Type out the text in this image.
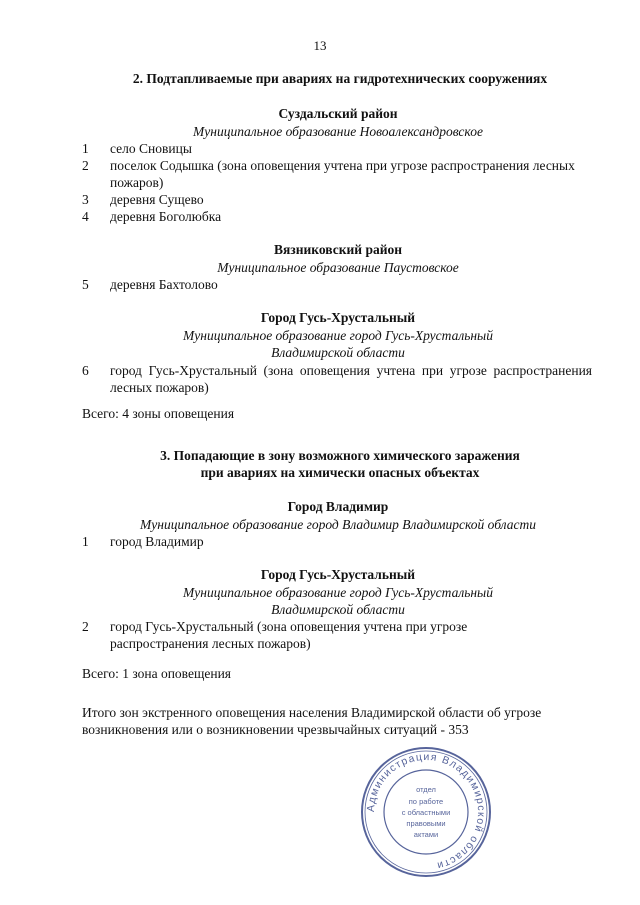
13
2. Подтапливаемые при авариях на гидротехнических сооружениях
Суздальский район
Муниципальное образование Новоалександровское
1	село Сновицы
2	поселок Содышка (зона оповещения учтена при угрозе распространения лесных пожаров)
3	деревня Сущево
4	деревня Боголюбка
Вязниковский район
Муниципальное образование Паустовское
5	деревня Бахтолово
Город Гусь-Хрустальный
Муниципальное образование город Гусь-Хрустальный
Владимирской области
6	город Гусь-Хрустальный (зона оповещения учтена при угрозе распространения лесных пожаров)
Всего: 4 зоны оповещения
3. Попадающие в зону возможного химического заражения
при авариях на химически опасных объектах
Город Владимир
Муниципальное образование город Владимир Владимирской области
1	город Владимир
Город Гусь-Хрустальный
Муниципальное образование город Гусь-Хрустальный
Владимирской области
2	город Гусь-Хрустальный (зона оповещения учтена при угрозе распространения лесных пожаров)
Всего: 1 зона оповещения
Итого зон экстренного оповещения населения Владимирской области об угрозе возникновения или о возникновении чрезвычайных ситуаций - 353
Администрация Владимирской области
отдел
по работе
с областными
правовыми
актами
